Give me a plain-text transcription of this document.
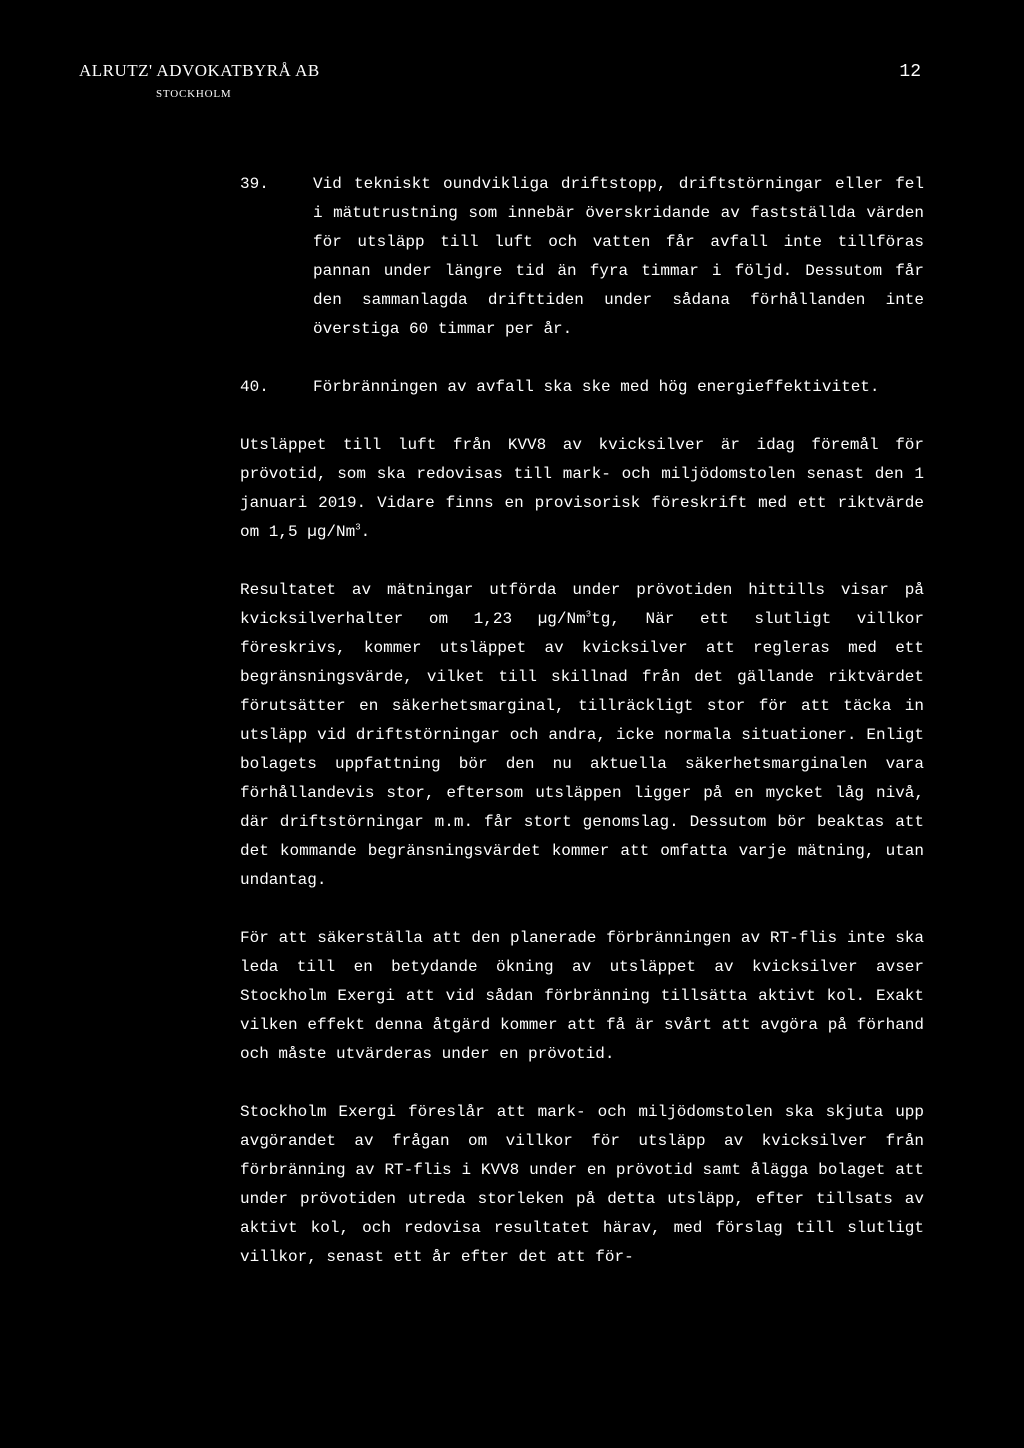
ALRUTZ' ADVOKATBYRÅ AB
STOCKHOLM
12
39.	Vid tekniskt oundvikliga driftstopp, driftstörningar eller fel i mätutrustning som innebär överskridande av fastställda värden för utsläpp till luft och vatten får avfall inte tillföras pannan under längre tid än fyra timmar i följd. Dessutom får den sammanlagda drifttiden under sådana förhållanden inte överstiga 60 timmar per år.
40.	Förbränningen av avfall ska ske med hög energieffektivitet.

Utsläppet till luft från KVV8 av kvicksilver är idag föremål för prövotid, som ska redovisas till mark- och miljödomstolen senast den 1 januari 2019. Vidare finns en provisorisk föreskrift med ett riktvärde om 1,5 µg/Nm$^3$.

Resultatet av mätningar utförda under prövotiden hittills visar på kvicksilverhalter om 1,23 µg/Nm$^3$tg, När ett slutligt villkor föreskrivs, kommer utsläppet av kvicksilver att regleras med ett begränsningsvärde, vilket till skillnad från det gällande riktvärdet förutsätter en säkerhetsmarginal, tillräckligt stor för att täcka in utsläpp vid driftstörningar och andra, icke normala situationer. Enligt bolagets uppfattning bör den nu aktuella säkerhetsmarginalen vara förhållandevis stor, eftersom utsläppen ligger på en mycket låg nivå, där driftstörningar m.m. får stort genomslag. Dessutom bör beaktas att det kommande begränsningsvärdet kommer att omfatta varje mätning, utan undantag.

För att säkerställa att den planerade förbränningen av RT-flis inte ska leda till en betydande ökning av utsläppet av kvicksilver avser Stockholm Exergi att vid sådan förbränning tillsätta aktivt kol. Exakt vilken effekt denna åtgärd kommer att få är svårt att avgöra på förhand och måste utvärderas under en prövotid.

Stockholm Exergi föreslår att mark- och miljödomstolen ska skjuta upp avgörandet av frågan om villkor för utsläpp av kvicksilver från förbränning av RT-flis i KVV8 under en prövotid samt ålägga bolaget att under prövotiden utreda storleken på detta utsläpp, efter tillsats av aktivt kol, och redovisa resultatet härav, med förslag till slutligt villkor, senast ett år efter det att för-
